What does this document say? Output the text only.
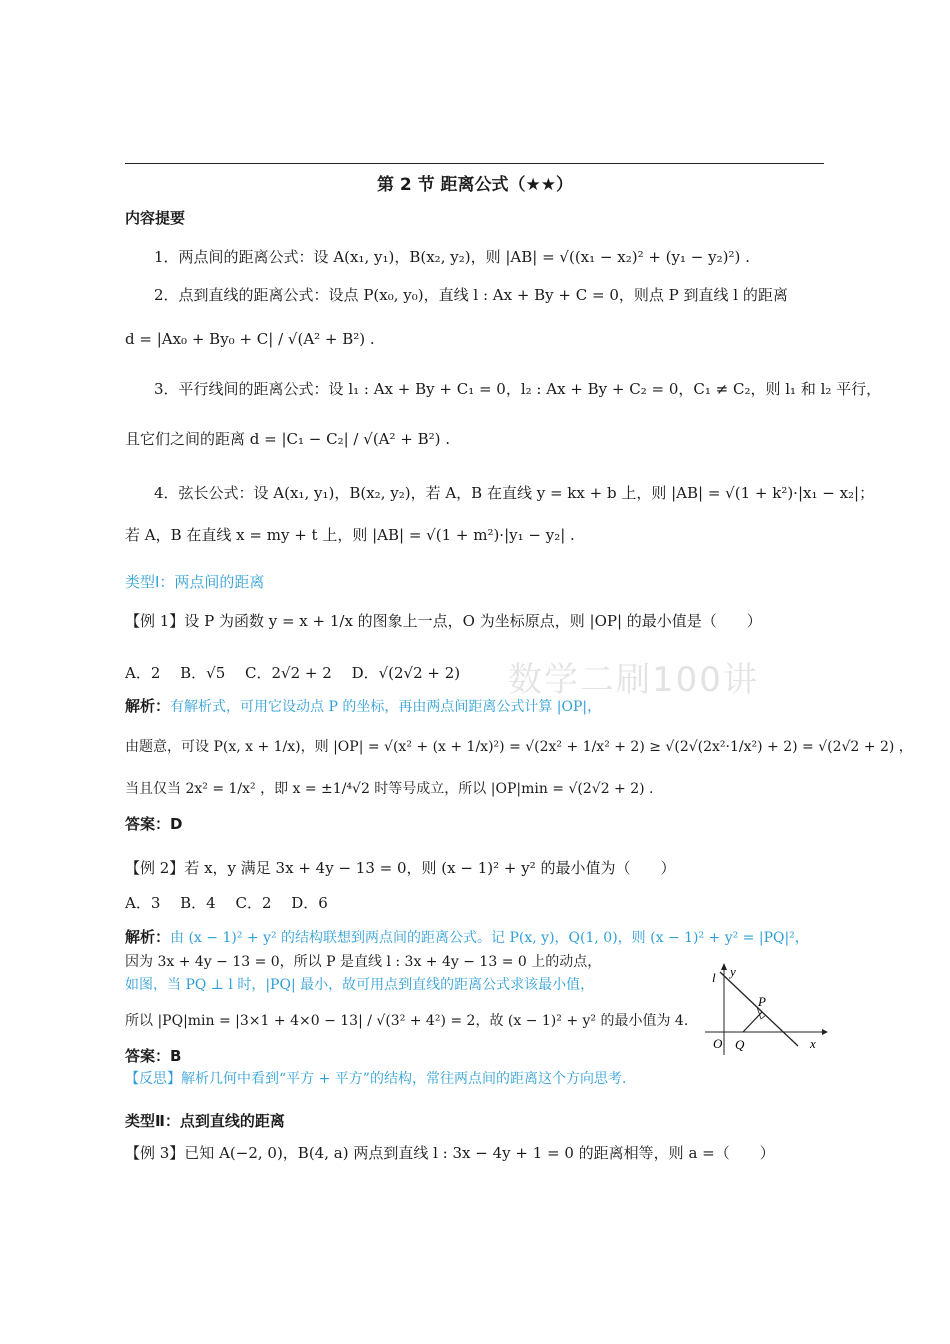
第 2 节 距离公式（★★）
内容提要
1．两点间的距离公式：设 A(x₁, y₁)，B(x₂, y₂)，则 |AB| = √((x₁ − x₂)² + (y₁ − y₂)²) .
2．点到直线的距离公式：设点 P(x₀, y₀)，直线 l : Ax + By + C = 0，则点 P 到直线 l 的距离
d = |Ax₀ + By₀ + C| / √(A² + B²) .
3．平行线间的距离公式：设 l₁ : Ax + By + C₁ = 0，l₂ : Ax + By + C₂ = 0，C₁ ≠ C₂，则 l₁ 和 l₂ 平行，
且它们之间的距离 d = |C₁ − C₂| / √(A² + B²) .
4．弦长公式：设 A(x₁, y₁)，B(x₂, y₂)，若 A，B 在直线 y = kx + b 上，则 |AB| = √(1 + k²)·|x₁ − x₂|；
若 A，B 在直线 x = my + t 上，则 |AB| = √(1 + m²)·|y₁ − y₂| .
类型Ⅰ：两点间的距离
【例 1】设 P 为函数 y = x + 1/x 的图象上一点，O 为坐标原点，则 |OP| 的最小值是（　　）
数学二刷100讲
A．2　 B．√5　 C．2√2 + 2　 D．√(2√2 + 2)
解析：有解析式，可用它设动点 P 的坐标，再由两点间距离公式计算 |OP|，
由题意，可设 P(x, x + 1/x)，则 |OP| = √(x² + (x + 1/x)²) = √(2x² + 1/x² + 2) ≥ √(2√(2x²·1/x²) + 2) = √(2√2 + 2) ，
当且仅当 2x² = 1/x² ，即 x = ±1/⁴√2 时等号成立，所以 |OP|min = √(2√2 + 2) .
答案：D
【例 2】若 x，y 满足 3x + 4y − 13 = 0，则 (x − 1)² + y² 的最小值为（　　）
A．3　 B．4　 C．2　 D．6
解析：由 (x − 1)² + y² 的结构联想到两点间的距离公式。记 P(x, y)，Q(1, 0)，则 (x − 1)² + y² = |PQ|²，
因为 3x + 4y − 13 = 0，所以 P 是直线 l : 3x + 4y − 13 = 0 上的动点，
如图，当 PQ ⊥ l 时，|PQ| 最小，故可用点到直线的距离公式求该最小值，
所以 |PQ|min = |3×1 + 4×0 − 13| / √(3² + 4²) = 2，故 (x − 1)² + y² 的最小值为 4.
答案：B
【反思】解析几何中看到“平方 + 平方”的结构，常往两点间的距离这个方向思考.
l y
x
O Q
P
类型Ⅱ：点到直线的距离
【例 3】已知 A(−2, 0)，B(4, a) 两点到直线 l : 3x − 4y + 1 = 0 的距离相等，则 a =（　　）
